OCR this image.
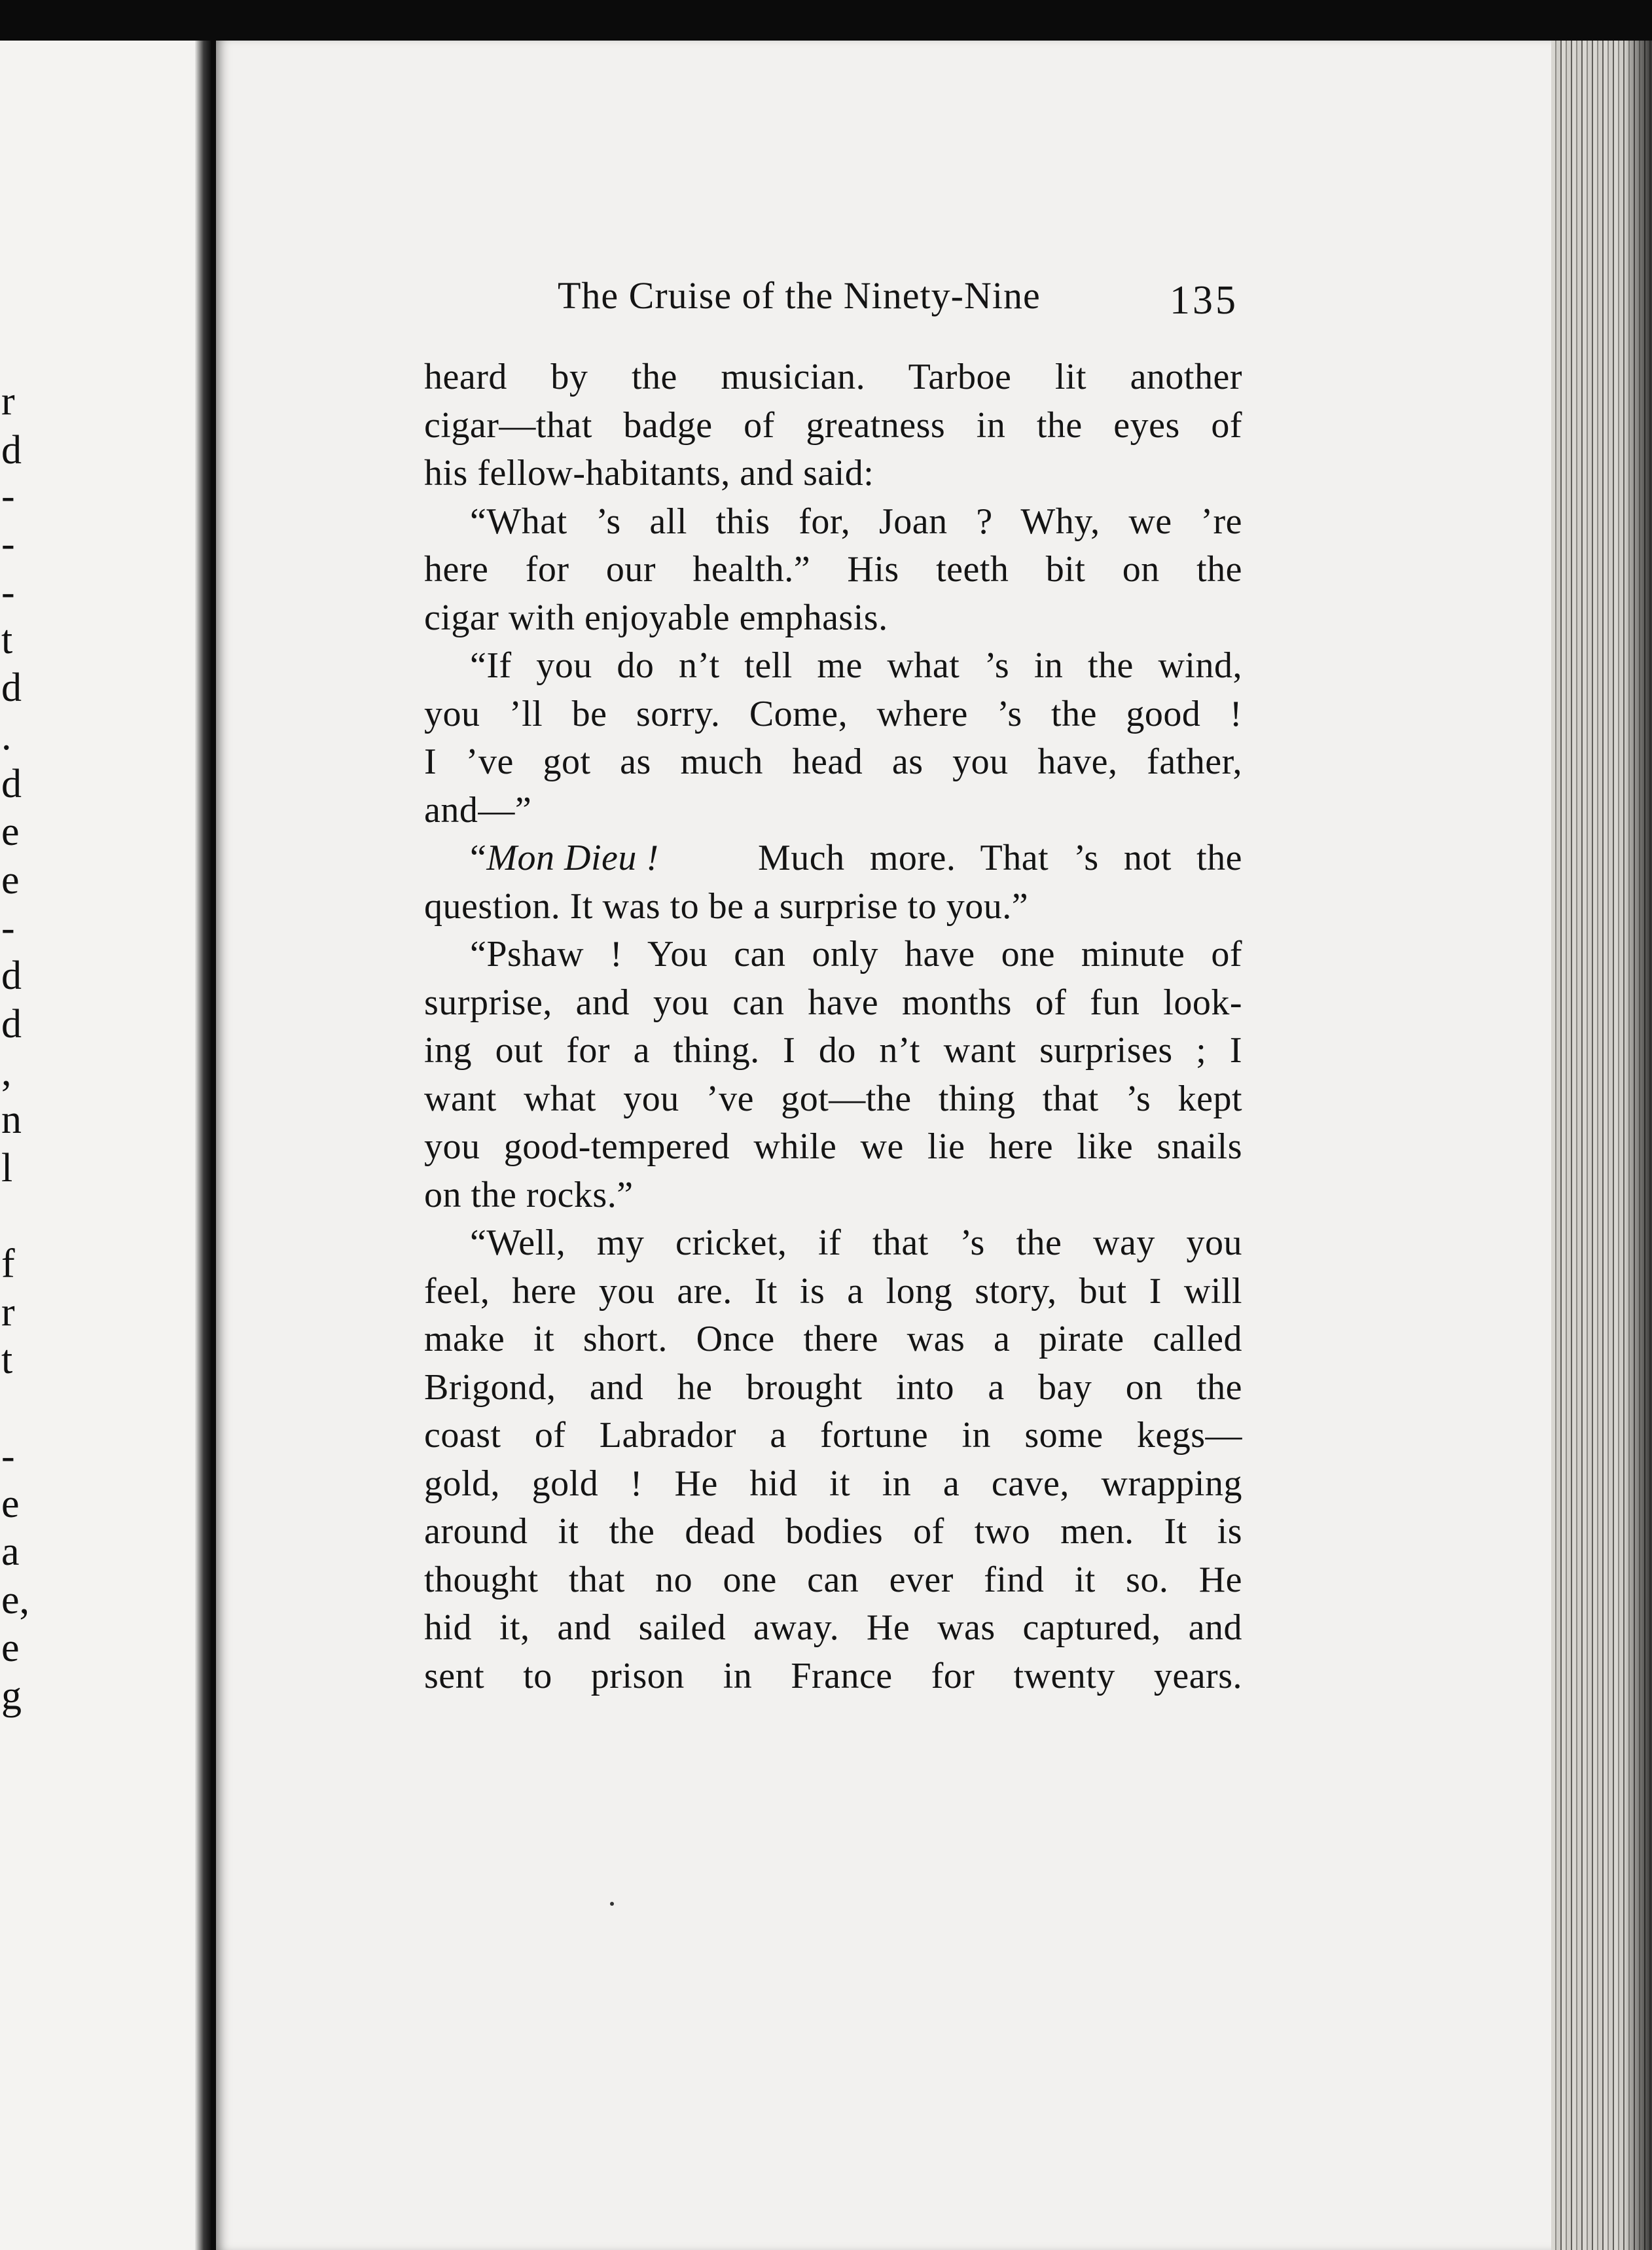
r
d
-
-
-
t
d
.
d
e
e
-
d
d
,
n
l
f
r
t
-
e
a
e,
e
g
The Cruise of the Ninety-Nine	135
heard by the musician. Tarboe lit another
cigar—that badge of greatness in the eyes of
his fellow-habitants, and said:
“What ’s all this for, Joan ? Why, we ’re
here for our health.” His teeth bit on the
cigar with enjoyable emphasis.
“If you do n’t tell me what ’s in the wind,
you ’ll be sorry. Come, where ’s the good !
I ’ve got as much head as you have, father,
and—”
“Mon Dieu !	Much more. That ’s not the
question. It was to be a surprise to you.”
“Pshaw ! You can only have one minute of
surprise, and you can have months of fun look-
ing out for a thing. I do n’t want surprises ; I
want what you ’ve got—the thing that ’s kept
you good-tempered while we lie here like snails
on the rocks.”
“Well, my cricket, if that ’s the way you
feel, here you are. It is a long story, but I will
make it short. Once there was a pirate called
Brigond, and he brought into a bay on the
coast of Labrador a fortune in some kegs—
gold, gold ! He hid it in a cave, wrapping
around it the dead bodies of two men. It is
thought that no one can ever find it so. He
hid it, and sailed away. He was captured, and
sent to prison in France for twenty years.
